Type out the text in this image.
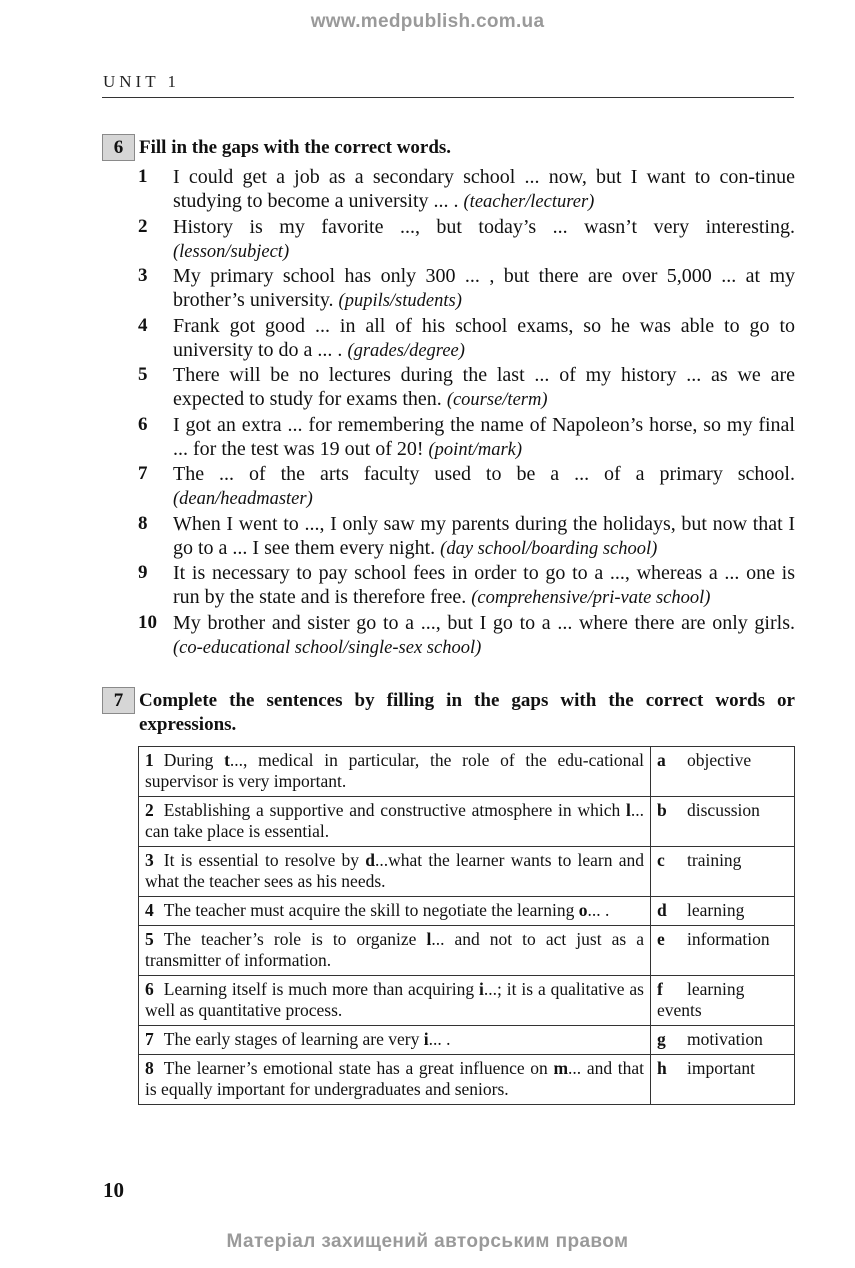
www.medpublish.com.ua
UNIT 1
6 Fill in the gaps with the correct words.
1	I could get a job as a secondary school ... now, but I want to con-tinue studying to become a university ... . (teacher/lecturer)
2	History is my favorite ..., but today’s ... wasn’t very interesting. (lesson/subject)
3	My primary school has only 300 ... , but there are over 5,000 ... at my brother’s university. (pupils/students)
4	Frank got good ... in all of his school exams, so he was able to go to university to do a ... . (grades/degree)
5	There will be no lectures during the last ... of my history ... as we are expected to study for exams then. (course/term)
6	I got an extra ... for remembering the name of Napoleon’s horse, so my final ... for the test was 19 out of 20! (point/mark)
7	The ... of the arts faculty used to be a ... of a primary school. (dean/headmaster)
8	When I went to ..., I only saw my parents during the holidays, but now that I go to a ... I see them every night. (day school/boarding school)
9	It is necessary to pay school fees in order to go to a ..., whereas a ... one is run by the state and is therefore free. (comprehensive/pri-vate school)
10 My brother and sister go to a ..., but I go to a ... where there are only girls. (co-educational school/single-sex school)
7 Complete the sentences by filling in the gaps with the correct words or expressions.
1 During t..., medical in particular, the role of the edu-cational supervisor is very important.	a objective
2 Establishing a supportive and constructive atmosphere in which l... can take place is essential.	b discussion
3 It is essential to resolve by d...what the learner wants to learn and what the teacher sees as his needs.	c training
4 The teacher must acquire the skill to negotiate the learning o... .	d learning
5 The teacher’s role is to organize l... and not to act just as a transmitter of information.	e information
6 Learning itself is much more than acquiring i...; it is a qualitative as well as quantitative process.	f learning events
7 The early stages of learning are very i... .	g motivation
8 The learner’s emotional state has a great influence on m... and that is equally important for undergraduates and seniors.	h important
10
Матеріал захищений авторським правом
